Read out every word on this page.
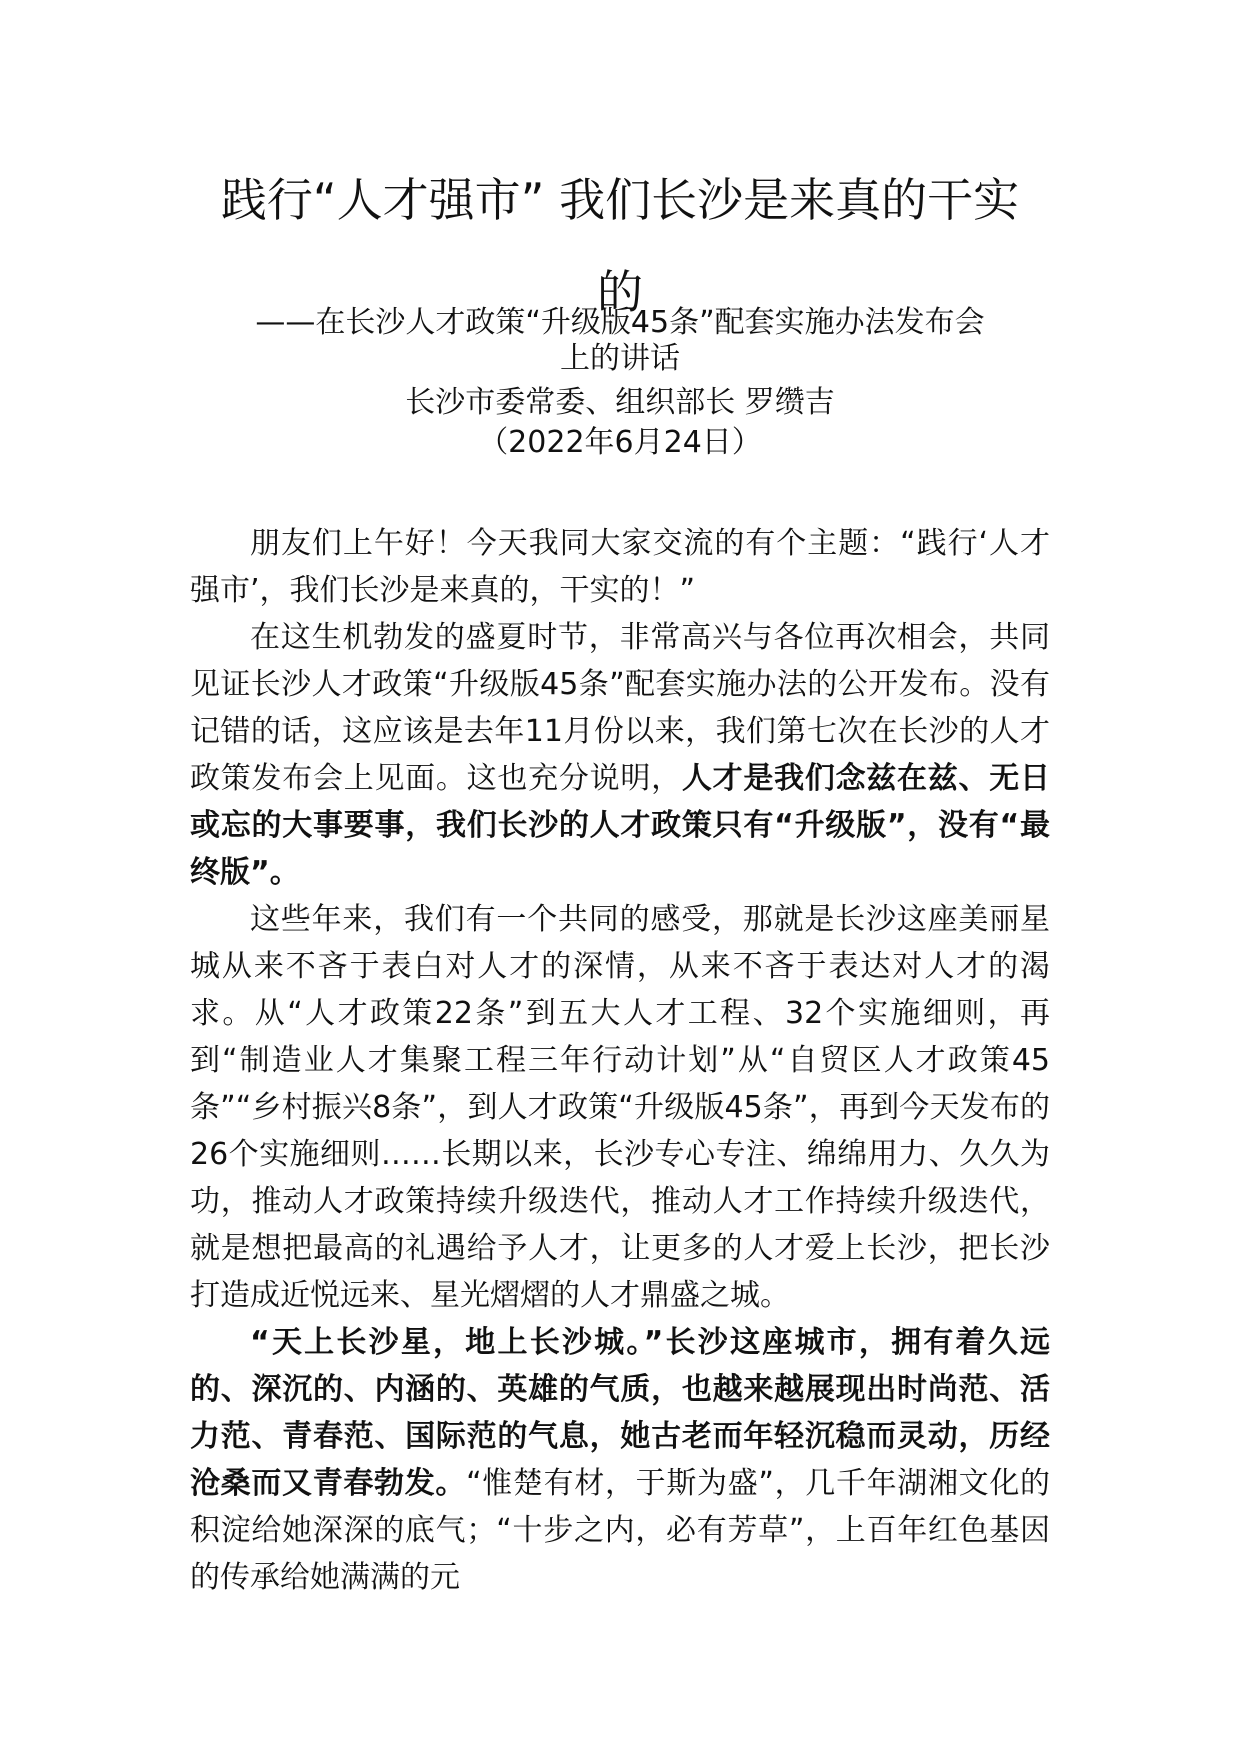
践行“人才强市” 我们长沙是来真的干实
的

——在长沙人才政策“升级版45条”配套实施办法发布会

上的讲话

长沙市委常委、组织部长 罗缵吉

（2022年6月24日）

朋友们上午好！今天我同大家交流的有个主题：“践行‘人才强市’，我们长沙是来真的，干实的！”

在这生机勃发的盛夏时节，非常高兴与各位再次相会，共同见证长沙人才政策“升级版45条”配套实施办法的公开发布。没有记错的话，这应该是去年11月份以来，我们第七次在长沙的人才政策发布会上见面。这也充分说明，人才是我们念兹在兹、无日或忘的大事要事，我们长沙的人才政策只有“升级版”，没有“最终版”。

这些年来，我们有一个共同的感受，那就是长沙这座美丽星城从来不吝于表白对人才的深情，从来不吝于表达对人才的渴求。从“人才政策22条”到五大人才工程、32个实施细则，再到“制造业人才集聚工程三年行动计划”从“自贸区人才政策45条”“乡村振兴8条”，到人才政策“升级版45条”，再到今天发布的26个实施细则……长期以来，长沙专心专注、绵绵用力、久久为功，推动人才政策持续升级迭代，推动人才工作持续升级迭代，就是想把最高的礼遇给予人才，让更多的人才爱上长沙，把长沙打造成近悦远来、星光熠熠的人才鼎盛之城。

“天上长沙星，地上长沙城。”长沙这座城市，拥有着久远的、深沉的、内涵的、英雄的气质，也越来越展现出时尚范、活力范、青春范、国际范的气息，她古老而年轻沉稳而灵动，历经沧桑而又青春勃发。“惟楚有材，于斯为盛”，几千年湖湘文化的积淀给她深深的底气；“十步之内，必有芳草”，上百年红色基因的传承给她满满的元
